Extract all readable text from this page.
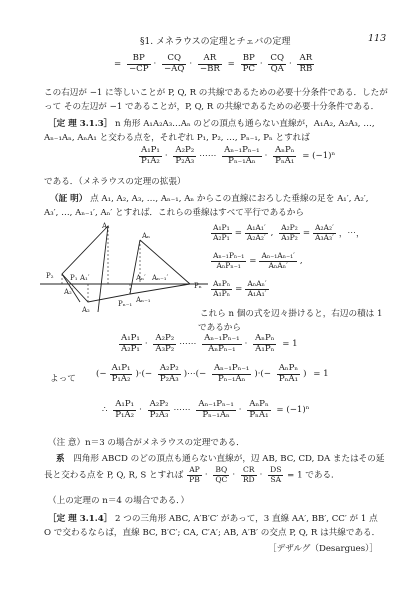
§1. メネラウスの定理とチェバの定理	113
= $\frac{BP}{-CP} \cdot \frac{CQ}{-AQ} \cdot \frac{AR}{-BR} = \frac{BP}{PC} \cdot \frac{CQ}{QA} \cdot \frac{AR}{RB}$
この右辺が −1 に等しいことが P, Q, R の共線であるための必要十分条件である．したが
って その左辺が −1 であることが，P, Q, R の共線であるための必要十分条件である．
［定 理 3.1.3］ n 角形 A₁A₂A₃…Aₙ のどの頂点も通らない直線が，A₁A₂, A₂A₃, …,
Aₙ₋₁Aₙ, AₙA₁ と交わる点を，それぞれ P₁, P₂, …, Pₙ₋₁, Pₙ とすれば
$\frac{\text{A₁P₁}}{\text{P₁A₂}} \cdot \frac{\text{A₂P₂}}{\text{P₂A₃}}$ ⋯⋯ $\frac{\text{Aₙ₋₁Pₙ₋₁}}{\text{Pₙ₋₁Aₙ}} \cdot \frac{\text{AₙPₙ}}{\text{PₙA₁}} = (-1)^n$
である．（メネラウスの定理の拡張）
（証 明） 点 A₁, A₂, A₃, …, Aₙ₋₁, Aₙ からこの直線におろした垂線の足を A₁′, A₂′,
A₃′, …, Aₙ₋₁′, Aₙ′ とすれば．これらの垂線はすべて平行であるから
A₁
Aₙ
P₂
Pₙ
P₁ A₁′
A₂′
A₂
Aₙ′ Aₙ₋₁′
Pₙ₋₁ Aₙ₋₁
$\frac{\text{A₁P₁}}{\text{A₂P₁}} = \frac{\text{A₁A₁′}}{\text{A₂A₂′}}$ , $\frac{\text{A₂P₂}}{\text{A₃P₂}} = \frac{\text{A₂A₂′}}{\text{A₃A₃′}}$ ，⋯，
$\frac{\text{Aₙ₋₁Pₙ₋₁}}{\text{AₙPₙ₋₁}} = \frac{\text{Aₙ₋₁Aₙ₋₁′}}{\text{AₙAₙ′}}$ ,
$\frac{\text{AₙPₙ}}{\text{A₁Pₙ}} = \frac{\text{AₙAₙ′}}{\text{A₁A₁′}}$
これら n 個の式を辺々掛けると，右辺の積は 1
であるから
$\frac{\text{A₁P₁}}{\text{A₂P₁}} \cdot \frac{\text{A₂P₂}}{\text{A₃P₂}}$ ⋯⋯ $\frac{\text{Aₙ₋₁Pₙ₋₁}}{\text{AₙPₙ₋₁}} \cdot \frac{\text{AₙPₙ}}{\text{A₁Pₙ}} = 1$
よって (− $\frac{\text{A₁P₁}}{\text{P₁A₂}}$ )·(− $\frac{\text{A₂P₂}}{\text{P₂A₃}}$ )⋯(− $\frac{\text{Aₙ₋₁Pₙ₋₁}}{\text{Pₙ₋₁Aₙ}}$ )·(− $\frac{\text{AₙPₙ}}{\text{PₙA₁}}$ ) = 1
∴ $\frac{\text{A₁P₁}}{\text{P₁A₂}} \cdot \frac{\text{A₂P₂}}{\text{P₂A₃}}$ ⋯⋯ $\frac{\text{Aₙ₋₁Pₙ₋₁}}{\text{Pₙ₋₁Aₙ}} \cdot \frac{\text{AₙPₙ}}{\text{PₙA₁}} = (-1)^n$
（注 意）n＝3 の場合がメネラウスの定理である．
系　 四角形 ABCD のどの頂点も通らない直線が，辺 AB, BC, CD, DA またはその延
長と交わる点を P, Q, R, S とすれば $\frac{AP}{PB} \cdot \frac{BQ}{QC} \cdot \frac{CR}{RD} \cdot \frac{DS}{SA} = 1$ である．
（上の定理の n＝4 の場合である．）
［定 理 3.1.4］ 2 つの三角形 ABC, A′B′C′ があって，3 直線 AA′, BB′, CC′ が 1 点
O で交わるならば，直線 BC, B′C′; CA, C′A′; AB, A′B′ の交点 P, Q, R は共線である．
［デザルグ（Desargues）］
